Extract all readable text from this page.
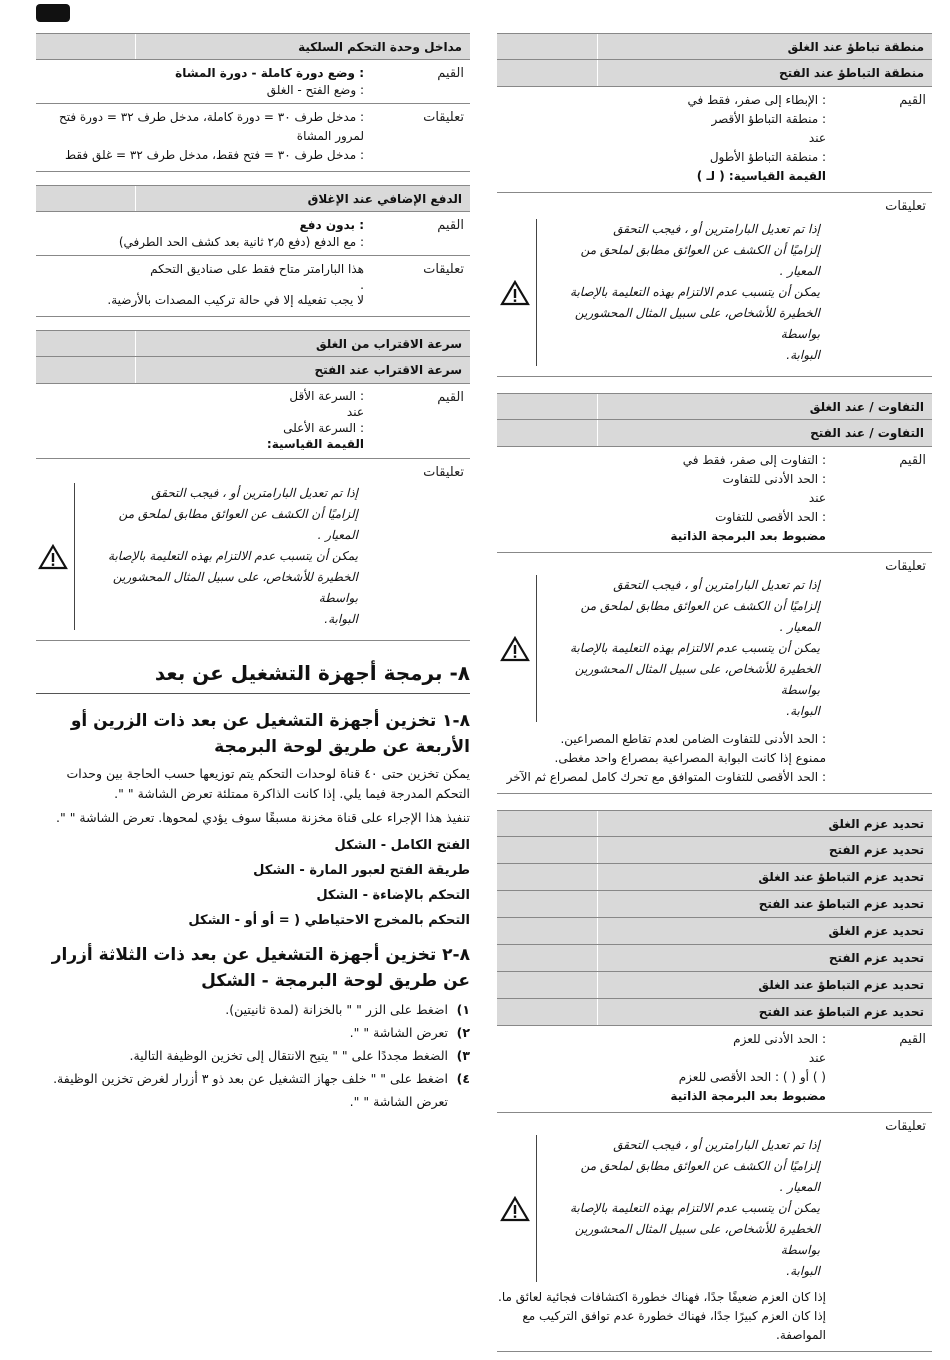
منطقة تباطؤ عند الغلق
منطقة التباطؤ عند الفتح
القيم
: الإبطاء إلى صفر، فقط في
: منطقة التباطؤ الأقصر
عند
: منطقة التباطؤ الأطول
القيمة القياسية: ( لـ )
تعليقات
إذا تم تعديل البارامترين أو ، فيجب التحقق
إلزاميًا أن الكشف عن العوائق مطابق لملحق من
المعيار .
يمكن أن يتسبب عدم الالتزام بهذه التعليمة بالإصابة
الخطيرة للأشخاص، على سبيل المثال المحشورين بواسطة
البوابة.
التفاوت / عند الغلق
التفاوت / عند الفتح
القيم
: التفاوت إلى صفر، فقط في
: الحد الأدنى للتفاوت
عند
: الحد الأقصى للتفاوت
مضبوط بعد البرمجة الذاتية
تعليقات
إذا تم تعديل البارامترين أو ، فيجب التحقق
إلزاميًا أن الكشف عن العوائق مطابق لملحق من
المعيار .
يمكن أن يتسبب عدم الالتزام بهذه التعليمة بالإصابة
الخطيرة للأشخاص، على سبيل المثال المحشورين بواسطة
البوابة.
: الحد الأدنى للتفاوت الضامن لعدم تقاطع المصراعين.
ممنوع إذا كانت البوابة المصراعية بمصراع واحد مغطى.
: الحد الأقصى للتفاوت المتوافق مع تحرك كامل لمصراع ثم الآخر
تحديد عزم الغلق
تحديد عزم الفتح
تحديد عزم التباطؤ عند الغلق
تحديد عزم التباطؤ عند الفتح
تحديد عزم الغلق
تحديد عزم الفتح
تحديد عزم التباطؤ عند الغلق
تحديد عزم التباطؤ عند الفتح
القيم
: الحد الأدنى للعزم
عند
( ) أو ( ) : الحد الأقصى للعزم
مضبوط بعد البرمجة الذاتية
تعليقات
إذا تم تعديل البارامترين أو ، فيجب التحقق
إلزاميًا أن الكشف عن العوائق مطابق لملحق من
المعيار .
يمكن أن يتسبب عدم الالتزام بهذه التعليمة بالإصابة
الخطيرة للأشخاص، على سبيل المثال المحشورين بواسطة
البوابة.
إذا كان العزم ضعيفًا جدًا، فهناك خطورة اكتشافات فجائية لعائق ما.
إذا كان العزم كبيرًا جدًا، فهناك خطورة عدم توافق التركيب مع المواصفة.
مداخل وحدة التحكم السلكية
القيم
: وضع دورة كاملة - دورة المشاة
: وضع الفتح - الغلق
تعليقات
: مدخل طرف ٣٠ = دورة كاملة، مدخل طرف ٣٢ = دورة فتح لمرور المشاة
: مدخل طرف ٣٠ = فتح فقط، مدخل طرف ٣٢ = غلق فقط
الدفع الإضافي عند الإغلاق
القيم
: بدون دفع
: مع الدفع (دفع ٢٫٥ ثانية بعد كشف الحد الطرفي)
تعليقات
هذا البارامتر متاح فقط على صناديق التحكم
.
لا يجب تفعيله إلا في حالة تركيب المصدات بالأرضية.
سرعة الاقتراب من الغلق
سرعة الاقتراب عند الفتح
القيم
: السرعة الأقل
عند
: السرعة الأعلى
القيمة القياسية:
تعليقات
إذا تم تعديل البارامترين أو ، فيجب التحقق
إلزاميًا أن الكشف عن العوائق مطابق لملحق من
المعيار .
يمكن أن يتسبب عدم الالتزام بهذه التعليمة بالإصابة
الخطيرة للأشخاص، على سبيل المثال المحشورين بواسطة
البوابة.
٨- برمجة أجهزة التشغيل عن بعد
٨-١ تخزين أجهزة التشغيل عن بعد ذات الزرين أو الأربعة عن طريق لوحة البرمجة

يمكن تخزين حتى ٤٠ قناة لوحدات التحكم يتم توزيعها حسب الحاجة بين وحدات التحكم المدرجة فيما يلي. إذا كانت الذاكرة ممتلئة تعرض الشاشة " ".

تنفيذ هذا الإجراء على قناة مخزنة مسبقًا سوف يؤدي لمحوها. تعرض الشاشة " ".

الفتح الكامل - الشكل
طريقة الفتح لعبور المارة - الشكل
التحكم بالإضاءة - الشكل
التحكم بالمخرج الاحتياطي ( = أو أو - الشكل
٨-٢ تخزين أجهزة التشغيل عن بعد ذات الثلاثة أزرار عن طريق لوحة البرمجة - الشكل
١)
اضغط على الزر " " بالخزانة (لمدة ثانيتين).
٢)
تعرض الشاشة " ".
٣)
الضغط مجددًا على " " يتيح الانتقال إلى تخزين الوظيفة التالية.
٤)
اضغط على " " خلف جهاز التشغيل عن بعد ذو ٣ أزرار لغرض تخزين الوظيفة.
تعرض الشاشة " ".
